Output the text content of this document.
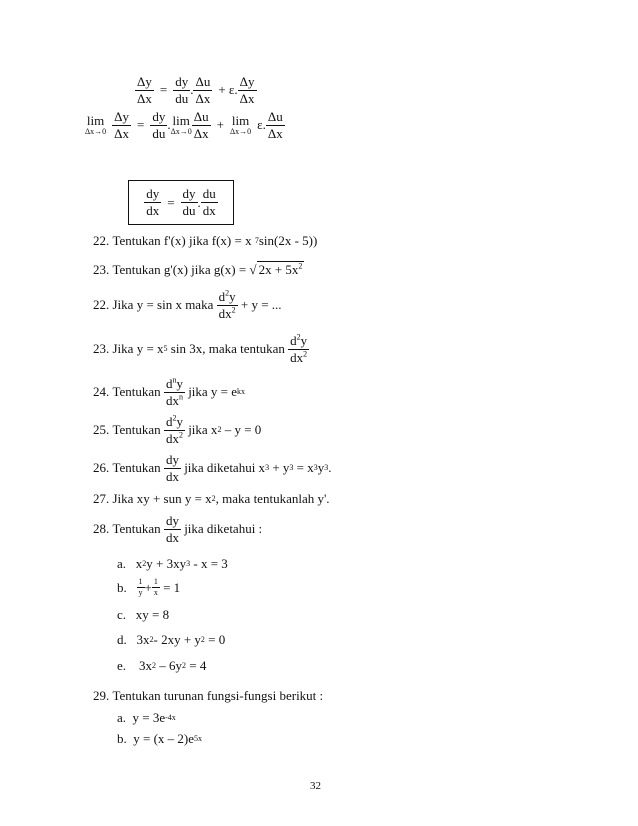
$\frac{\Delta y}{\Delta x} = \frac{dy}{du}$ . $\frac{\Delta u}{\Delta x} + \varepsilon$. $\frac{\Delta y}{\Delta x}$
lim
$\Delta x\to 0 \frac{\Delta y}{\Delta x} = \frac{dy}{du}$ . lim
$\Delta x\to 0 \frac{\Delta u}{\Delta x} + \lim$
Δx→0 ε. $\frac{\Delta u}{\Delta x}$
$\frac{dy}{dx} = \frac{dy}{du}$ . $\frac{du}{dx}$
22.
Tentukan f'(x) jika f(x) = x
7 sin(2x - 5))
23.
Tentukan g'(x) jika g(x) =
√ $2x + 5x^2$
22.
Jika y = sin x maka
$\frac{d^2y}{dx^2}$
+ y = ...
23.
Jika y = x 5
sin 3x, maka tentukan
$\frac{d^2y}{dx^2}$
24.
Tentukan
$\frac{d^ny}{dx^n}$
jika y = e kx
25.
Tentukan
$\frac{d^2y}{dx^2}$
jika x 2
– y = 0
26.
Tentukan
$\frac{dy}{dx}$
jika diketahui x 3
+ y 3
= x 3 y 3 .
27.
Jika xy + sun y = x 2 , maka tentukanlah y'.
28.
Tentukan
$\frac{dy}{dx}$
jika diketahui :
a.
x 2 y + 3xy 3
- x = 3
b.
$\frac{1}{y} + \frac{1}{x}$
= 1
c.
xy = 8
d.
3x 2 - 2xy + y 2
= 0
e.
3x 2
– 6y 2
= 4
29.
Tentukan turunan fungsi-fungsi berikut :
a.
y = 3e -4x
b.
y = (x – 2)e 5x
32
